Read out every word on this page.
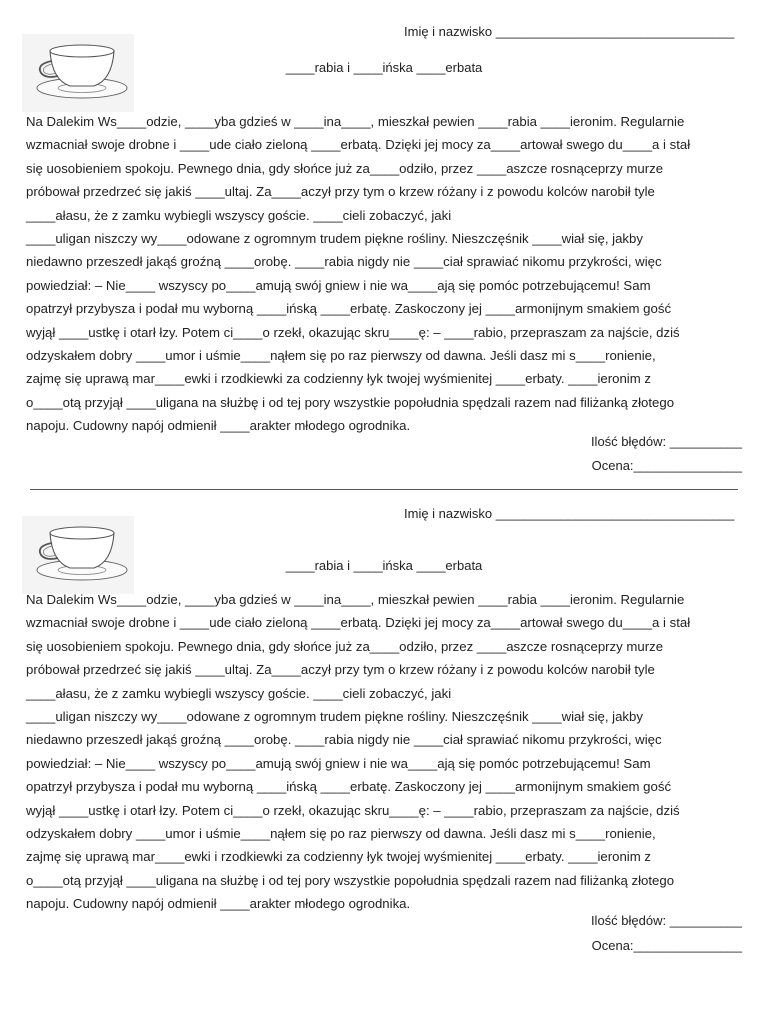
Imię i nazwisko _________________________________
____rabia i ____ińska ____erbata
Na Dalekim Ws____odzie, ____yba gdzieś w ____ina____, mieszkał pewien ____rabia ____ieronim. Regularnie
wzmacniał swoje drobne i ____ude ciało zieloną ____erbatą. Dzięki jej mocy za____artował swego du____a i stał
się uosobieniem spokoju. Pewnego dnia, gdy słońce już za____odziło, przez ____aszcze rosnąceprzy murze
próbował przedrzeć się jakiś ____ultaj. Za____aczył przy tym o krzew różany i z powodu kolców narobił tyle
____ałasu, że z zamku wybiegli wszyscy goście. ____cieli zobaczyć, jaki
____uligan niszczy wy____odowane z ogromnym trudem piękne rośliny. Nieszczęśnik ____wiał się, jakby
niedawno przeszedł jakąś groźną ____orobę. ____rabia nigdy nie ____ciał sprawiać nikomu przykrości, więc
powiedział: – Nie____ wszyscy po____amują swój gniew i nie wa____ają się pomóc potrzebującemu! Sam
opatrzył przybysza i podał mu wyborną ____ińską ____erbatę. Zaskoczony jej ____armonijnym smakiem gość
wyjął ____ustkę i otarł łzy. Potem ci____o rzekł, okazując skru____ę: – ____rabio, przepraszam za najście, dziś
odzyskałem dobry ____umor i uśmie____nąłem się po raz pierwszy od dawna. Jeśli dasz mi s____ronienie,
zajmę się uprawą mar____ewki i rzodkiewki za codzienny łyk twojej wyśmienitej ____erbaty. ____ieronim z
o____otą przyjął ____uligana na służbę i od tej pory wszystkie popołudnia spędzali razem nad filiżanką złotego
napoju. Cudowny napój odmienił ____arakter młodego ogrodnika.
Ilość błędów: __________
Ocena:_______________
Imię i nazwisko _________________________________
____rabia i ____ińska ____erbata
Na Dalekim Ws____odzie, ____yba gdzieś w ____ina____, mieszkał pewien ____rabia ____ieronim. Regularnie
wzmacniał swoje drobne i ____ude ciało zieloną ____erbatą. Dzięki jej mocy za____artował swego du____a i stał
się uosobieniem spokoju. Pewnego dnia, gdy słońce już za____odziło, przez ____aszcze rosnąceprzy murze
próbował przedrzeć się jakiś ____ultaj. Za____aczył przy tym o krzew różany i z powodu kolców narobił tyle
____ałasu, że z zamku wybiegli wszyscy goście. ____cieli zobaczyć, jaki
____uligan niszczy wy____odowane z ogromnym trudem piękne rośliny. Nieszczęśnik ____wiał się, jakby
niedawno przeszedł jakąś groźną ____orobę. ____rabia nigdy nie ____ciał sprawiać nikomu przykrości, więc
powiedział: – Nie____ wszyscy po____amują swój gniew i nie wa____ają się pomóc potrzebującemu! Sam
opatrzył przybysza i podał mu wyborną ____ińską ____erbatę. Zaskoczony jej ____armonijnym smakiem gość
wyjął ____ustkę i otarł łzy. Potem ci____o rzekł, okazując skru____ę: – ____rabio, przepraszam za najście, dziś
odzyskałem dobry ____umor i uśmie____nąłem się po raz pierwszy od dawna. Jeśli dasz mi s____ronienie,
zajmę się uprawą mar____ewki i rzodkiewki za codzienny łyk twojej wyśmienitej ____erbaty. ____ieronim z
o____otą przyjął ____uligana na służbę i od tej pory wszystkie popołudnia spędzali razem nad filiżanką złotego
napoju. Cudowny napój odmienił ____arakter młodego ogrodnika.
Ilość błędów: __________
Ocena:_______________
